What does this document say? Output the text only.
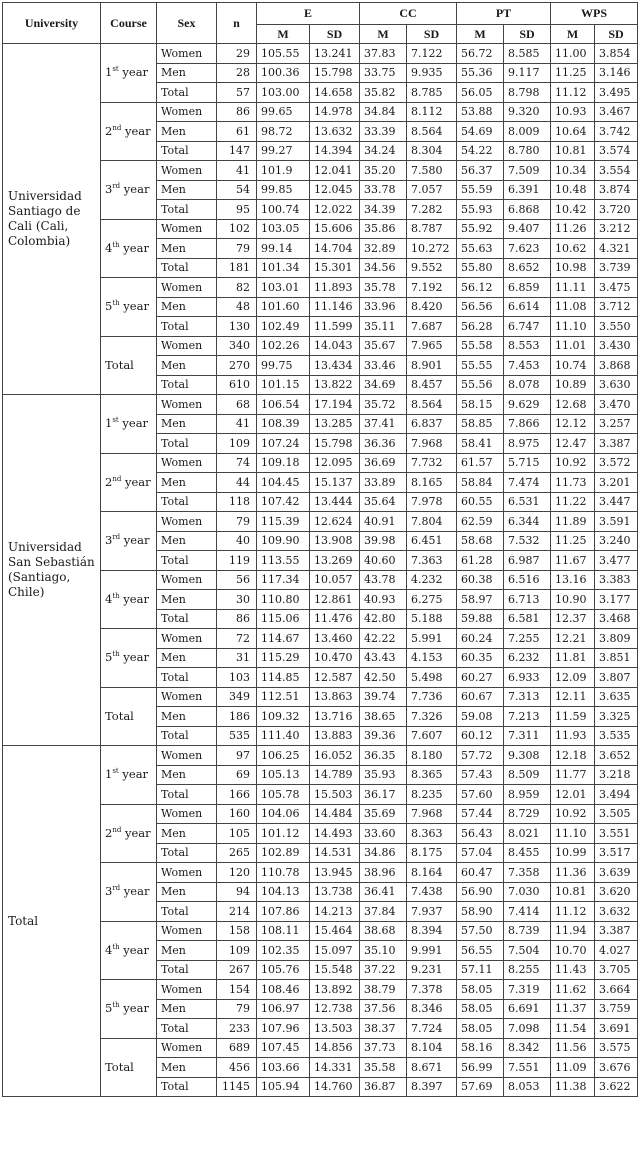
University	Course	Sex	n	E		CC		PT		WPS	
				M	SD	M	SD	M	SD	M	SD
Universidad Santiago de Cali (Cali, Colombia)	1st year	Women	29	105.55	13.241	37.83	7.122	56.72	8.585	11.00	3.854
		Men	28	100.36	15.798	33.75	9.935	55.36	9.117	11.25	3.146
		Total	57	103.00	14.658	35.82	8.785	56.05	8.798	11.12	3.495
	2nd year	Women	86	99.65	14.978	34.84	8.112	53.88	9.320	10.93	3.467
		Men	61	98.72	13.632	33.39	8.564	54.69	8.009	10.64	3.742
		Total	147	99.27	14.394	34.24	8.304	54.22	8.780	10.81	3.574
	3rd year	Women	41	101.9	12.041	35.20	7.580	56.37	7.509	10.34	3.554
		Men	54	99.85	12.045	33.78	7.057	55.59	6.391	10.48	3.874
		Total	95	100.74	12.022	34.39	7.282	55.93	6.868	10.42	3.720
	4th year	Women	102	103.05	15.606	35.86	8.787	55.92	9.407	11.26	3.212
		Men	79	99.14	14.704	32.89	10.272	55.63	7.623	10.62	4.321
		Total	181	101.34	15.301	34.56	9.552	55.80	8.652	10.98	3.739
	5th year	Women	82	103.01	11.893	35.78	7.192	56.12	6.859	11.11	3.475
		Men	48	101.60	11.146	33.96	8.420	56.56	6.614	11.08	3.712
		Total	130	102.49	11.599	35.11	7.687	56.28	6.747	11.10	3.550
	Total	Women	340	102.26	14.043	35.67	7.965	55.58	8.553	11.01	3.430
		Men	270	99.75	13.434	33.46	8.901	55.55	7.453	10.74	3.868
		Total	610	101.15	13.822	34.69	8.457	55.56	8.078	10.89	3.630
Universidad San Sebastián (Santiago, Chile)	1st year	Women	68	106.54	17.194	35.72	8.564	58.15	9.629	12.68	3.470
		Men	41	108.39	13.285	37.41	6.837	58.85	7.866	12.12	3.257
		Total	109	107.24	15.798	36.36	7.968	58.41	8.975	12.47	3.387
	2nd year	Women	74	109.18	12.095	36.69	7.732	61.57	5.715	10.92	3.572
		Men	44	104.45	15.137	33.89	8.165	58.84	7.474	11.73	3.201
		Total	118	107.42	13.444	35.64	7.978	60.55	6.531	11.22	3.447
	3rd year	Women	79	115.39	12.624	40.91	7.804	62.59	6.344	11.89	3.591
		Men	40	109.90	13.908	39.98	6.451	58.68	7.532	11.25	3.240
		Total	119	113.55	13.269	40.60	7.363	61.28	6.987	11.67	3.477
	4th year	Women	56	117.34	10.057	43.78	4.232	60.38	6.516	13.16	3.383
		Men	30	110.80	12.861	40.93	6.275	58.97	6.713	10.90	3.177
		Total	86	115.06	11.476	42.80	5.188	59.88	6.581	12.37	3.468
	5th year	Women	72	114.67	13.460	42.22	5.991	60.24	7.255	12.21	3.809
		Men	31	115.29	10.470	43.43	4.153	60.35	6.232	11.81	3.851
		Total	103	114.85	12.587	42.50	5.498	60.27	6.933	12.09	3.807
	Total	Women	349	112.51	13.863	39.74	7.736	60.67	7.313	12.11	3.635
		Men	186	109.32	13.716	38.65	7.326	59.08	7.213	11.59	3.325
		Total	535	111.40	13.883	39.36	7.607	60.12	7.311	11.93	3.535
Total	1st year	Women	97	106.25	16.052	36.35	8.180	57.72	9.308	12.18	3.652
		Men	69	105.13	14.789	35.93	8.365	57.43	8.509	11.77	3.218
		Total	166	105.78	15.503	36.17	8.235	57.60	8.959	12.01	3.494
	2nd year	Women	160	104.06	14.484	35.69	7.968	57.44	8.729	10.92	3.505
		Men	105	101.12	14.493	33.60	8.363	56.43	8.021	11.10	3.551
		Total	265	102.89	14.531	34.86	8.175	57.04	8.455	10.99	3.517
	3rd year	Women	120	110.78	13.945	38.96	8.164	60.47	7.358	11.36	3.639
		Men	94	104.13	13.738	36.41	7.438	56.90	7.030	10.81	3.620
		Total	214	107.86	14.213	37.84	7.937	58.90	7.414	11.12	3.632
	4th year	Women	158	108.11	15.464	38.68	8.394	57.50	8.739	11.94	3.387
		Men	109	102.35	15.097	35.10	9.991	56.55	7.504	10.70	4.027
		Total	267	105.76	15.548	37.22	9.231	57.11	8.255	11.43	3.705
	5th year	Women	154	108.46	13.892	38.79	7.378	58.05	7.319	11.62	3.664
		Men	79	106.97	12.738	37.56	8.346	58.05	6.691	11.37	3.759
		Total	233	107.96	13.503	38.37	7.724	58.05	7.098	11.54	3.691
	Total	Women	689	107.45	14.856	37.73	8.104	58.16	8.342	11.56	3.575
		Men	456	103.66	14.331	35.58	8.671	56.99	7.551	11.09	3.676
		Total	1145	105.94	14.760	36.87	8.397	57.69	8.053	11.38	3.622
